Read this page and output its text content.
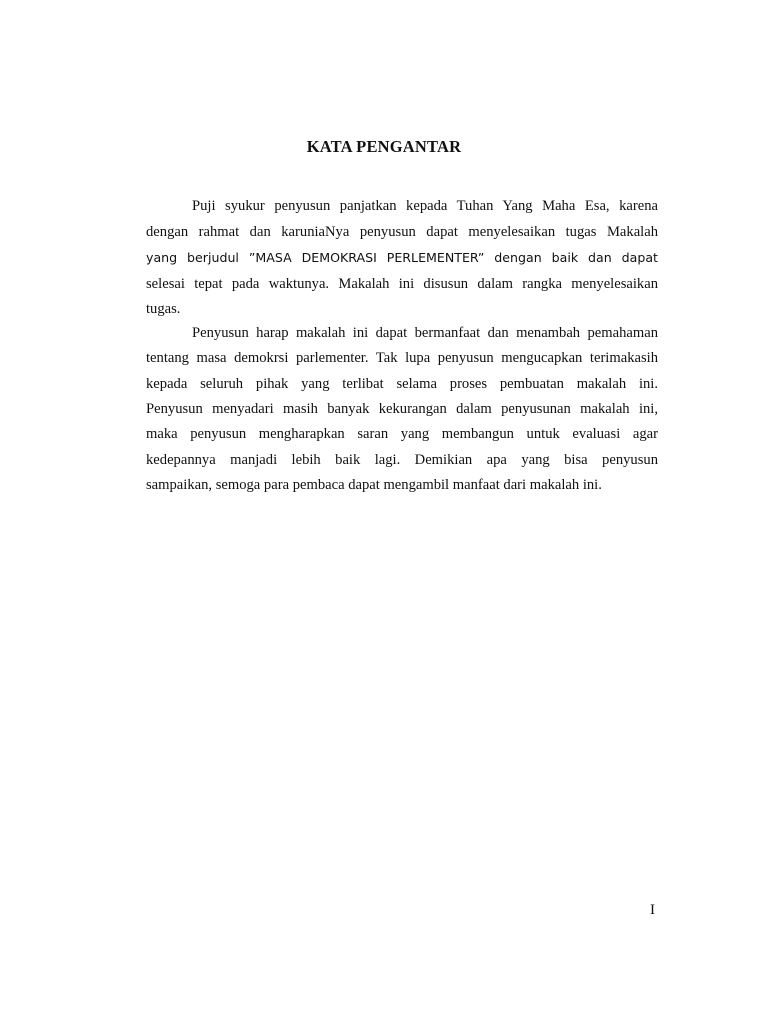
KATA PENGANTAR

Puji syukur penyusun panjatkan kepada Tuhan Yang Maha Esa, karena

dengan rahmat dan karuniaNya penyusun dapat menyelesaikan tugas Makalah

yang berjudul ”MASA DEMOKRASI PERLEMENTER” dengan baik dan dapat

selesai tepat pada waktunya. Makalah ini disusun dalam rangka menyelesaikan

tugas.

Penyusun harap makalah ini dapat bermanfaat dan menambah pemahaman

tentang masa demokrsi parlementer. Tak lupa penyusun mengucapkan terimakasih

kepada seluruh pihak yang terlibat selama proses pembuatan makalah ini.

Penyusun menyadari masih banyak kekurangan dalam penyusunan makalah ini,

maka penyusun mengharapkan saran yang membangun untuk evaluasi agar

kedepannya manjadi lebih baik lagi. Demikian apa yang bisa penyusun

sampaikan, semoga para pembaca dapat mengambil manfaat dari makalah ini.

I
